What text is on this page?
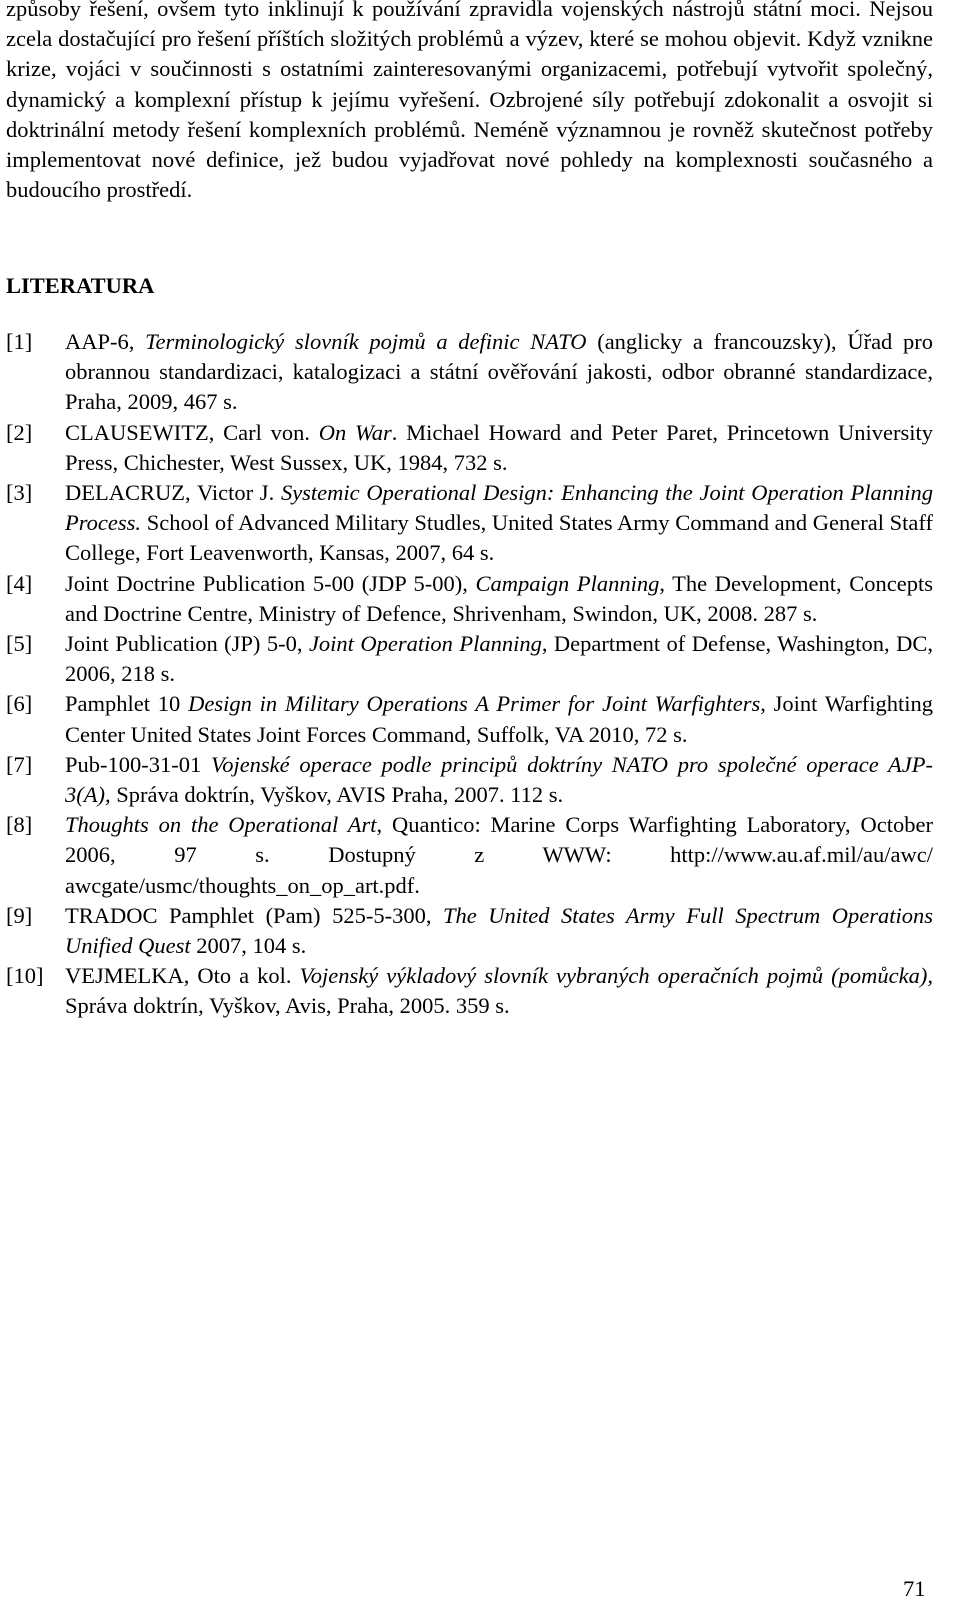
způsoby řešení, ovšem tyto inklinují k používání zpravidla vojenských nástrojů státní moci. Nejsou zcela dostačující pro řešení příštích složitých problémů a výzev, které se mohou objevit. Když vznikne krize, vojáci v součinnosti s ostatními zainteresovanými organizacemi, potřebují vytvořit společný, dynamický a komplexní přístup k jejímu vyřešení. Ozbrojené síly potřebují zdokonalit a osvojit si doktrinální metody řešení komplexních problémů. Neméně významnou je rovněž skutečnost potřeby implementovat nové definice, jež budou vyjadřovat nové pohledy na komplexnosti současného a budoucího prostředí.

LITERATURA
[1]	AAP-6, Terminologický slovník pojmů a definic NATO (anglicky a francouzsky), Úřad pro obrannou standardizaci, katalogizaci a státní ověřování jakosti, odbor obranné standardizace, Praha, 2009, 467 s.
[2]	CLAUSEWITZ, Carl von. On War. Michael Howard and Peter Paret, Princetown University Press, Chichester, West Sussex, UK, 1984, 732 s.
[3]	DELACRUZ, Victor J. Systemic Operational Design: Enhancing the Joint Operation Planning Process. School of Advanced Military Studles, United States Army Command and General Staff College, Fort Leavenworth, Kansas, 2007, 64 s.
[4]	Joint Doctrine Publication 5-00 (JDP 5-00), Campaign Planning, The Development, Concepts and Doctrine Centre, Ministry of Defence, Shrivenham, Swindon, UK, 2008. 287 s.
[5]	Joint Publication (JP) 5-0, Joint Operation Planning, Department of Defense, Washington, DC, 2006, 218 s.
[6]	Pamphlet 10 Design in Military Operations A Primer for Joint Warfighters, Joint Warfighting Center United States Joint Forces Command, Suffolk, VA 2010, 72 s.
[7]	Pub-100-31-01 Vojenské operace podle principů doktríny NATO pro společné operace AJP-3(A), Správa doktrín, Vyškov, AVIS Praha, 2007. 112 s.
[8]	Thoughts on the Operational Art, Quantico: Marine Corps Warfighting Laboratory, October 2006, 97 s. Dostupný z WWW: http://www.au.af.mil/au/awc/ awcgate/usmc/thoughts_on_op_art.pdf.
[9]	TRADOC Pamphlet (Pam) 525-5-300, The United States Army Full Spectrum Operations Unified Quest 2007, 104 s.
[10] VEJMELKA, Oto a kol. Vojenský výkladový slovník vybraných operačních pojmů (pomůcka), Správa doktrín, Vyškov, Avis, Praha, 2005. 359 s.
71
